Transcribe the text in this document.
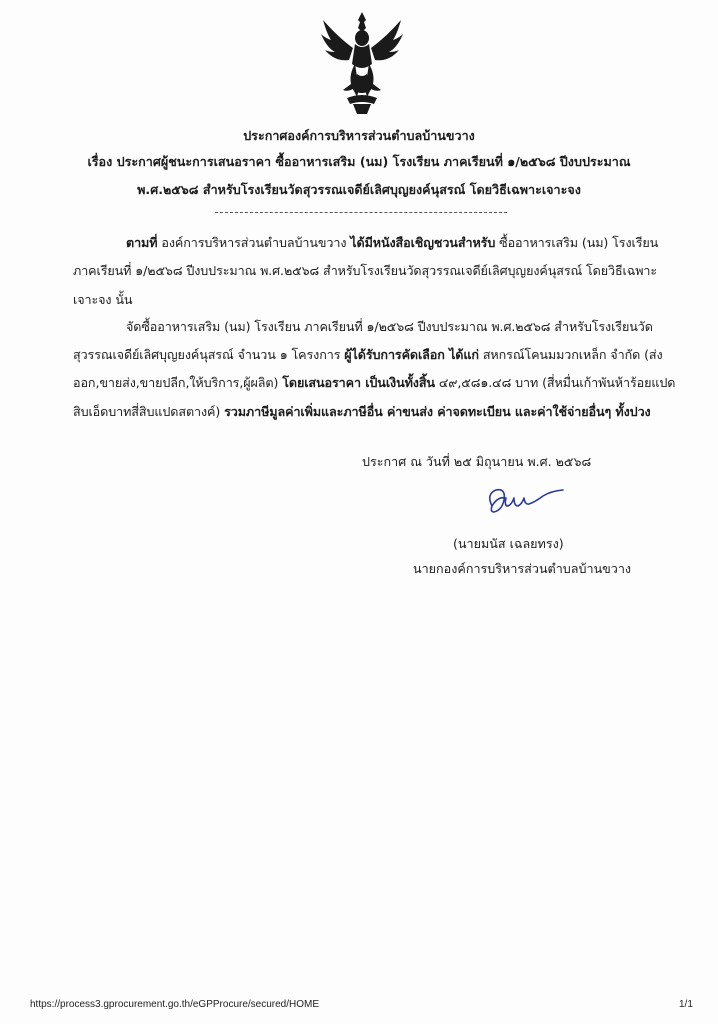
ประกาศองค์การบริหารส่วนตำบลบ้านขวาง
เรื่อง ประกาศผู้ชนะการเสนอราคา ซื้ออาหารเสริม (นม) โรงเรียน ภาคเรียนที่ ๑/๒๕๖๘ ปีงบประมาณ
พ.ศ.๒๕๖๘ สำหรับโรงเรียนวัดสุวรรณเจดีย์เลิศบุญยงค์นุสรณ์ โดยวิธีเฉพาะเจาะจง
ตามที่ องค์การบริหารส่วนตำบลบ้านขวาง ได้มีหนังสือเชิญชวนสำหรับ ซื้ออาหารเสริม (นม) โรงเรียน
ภาคเรียนที่ ๑/๒๕๖๘ ปีงบประมาณ พ.ศ.๒๕๖๘ สำหรับโรงเรียนวัดสุวรรณเจดีย์เลิศบุญยงค์นุสรณ์ โดยวิธีเฉพาะ
เจาะจง นั้น
จัดซื้ออาหารเสริม (นม) โรงเรียน ภาคเรียนที่ ๑/๒๕๖๘ ปีงบประมาณ พ.ศ.๒๕๖๘ สำหรับโรงเรียนวัด
สุวรรณเจดีย์เลิศบุญยงค์นุสรณ์ จำนวน ๑ โครงการ ผู้ได้รับการคัดเลือก ได้แก่ สหกรณ์โคนมมวกเหล็ก จำกัด (ส่ง
ออก,ขายส่ง,ขายปลีก,ให้บริการ,ผู้ผลิต) โดยเสนอราคา เป็นเงินทั้งสิ้น ๔๙,๕๘๑.๔๘ บาท (สี่หมื่นเก้าพันห้าร้อยแปด
สิบเอ็ดบาทสี่สิบแปดสตางค์) รวมภาษีมูลค่าเพิ่มและภาษีอื่น ค่าขนส่ง ค่าจดทะเบียน และค่าใช้จ่ายอื่นๆ ทั้งปวง
ประกาศ ณ วันที่ ๒๕ มิถุนายน พ.ศ. ๒๕๖๘
(นายมนัส เฉลยทรง)
นายกองค์การบริหารส่วนตำบลบ้านขวาง
https://process3.gprocurement.go.th/eGPProcure/secured/HOME	1/1
